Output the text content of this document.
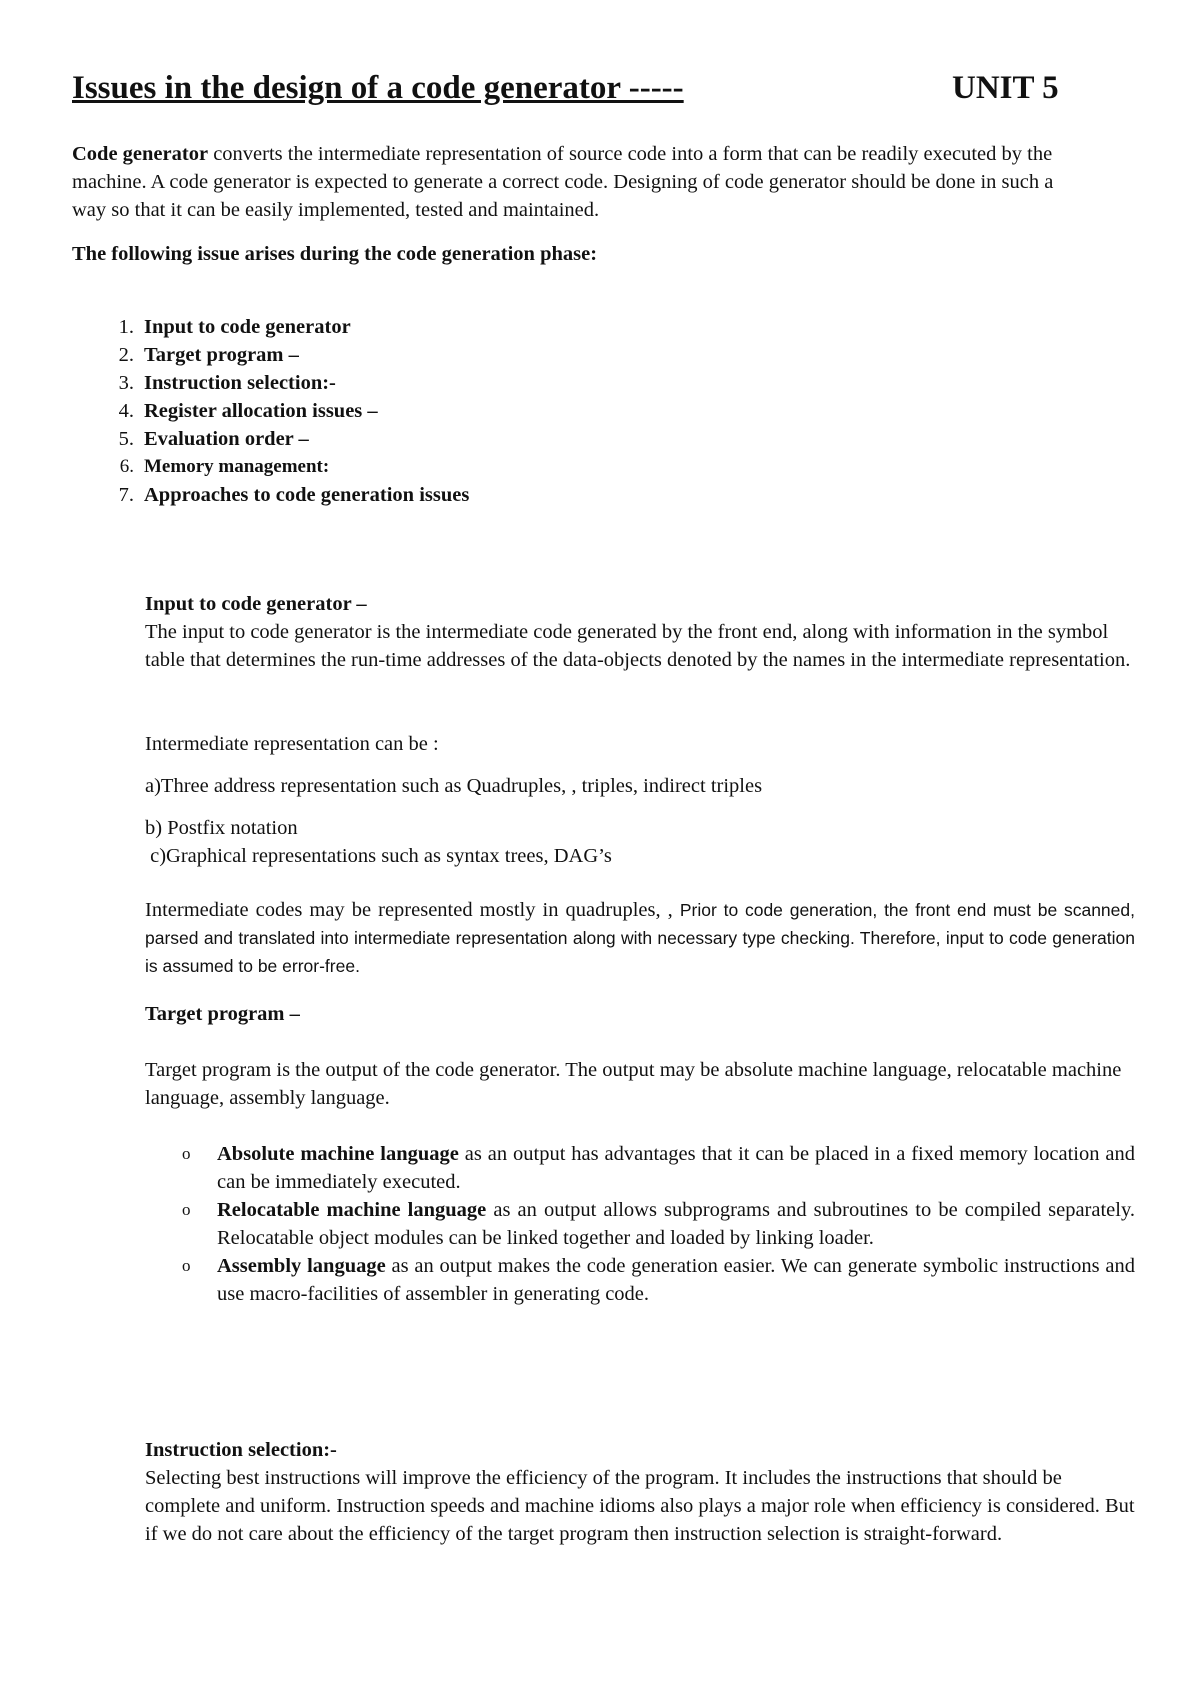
Issues in the design of a code generator -----	UNIT 5
Code generator converts the intermediate representation of source code into a form that can be readily executed by the machine. A code generator is expected to generate a correct code. Designing of code generator should be done in such a way so that it can be easily implemented, tested and maintained.
The following issue arises during the code generation phase:
1. Input to code generator
2. Target program –
3. Instruction selection:-
4. Register allocation issues –
5. Evaluation order –
6. Memory management:
7. Approaches to code generation issues
Input to code generator –
The input to code generator is the intermediate code generated by the front end, along with information in the symbol table that determines the run-time addresses of the data-objects denoted by the names in the intermediate representation.
Intermediate representation can be :
a)Three address representation such as Quadruples, , triples, indirect triples
b) Postfix notation
c)Graphical representations such as syntax trees, DAG’s
Intermediate codes may be represented mostly in quadruples, , Prior to code generation, the front end must be scanned, parsed and translated into intermediate representation along with necessary type checking. Therefore, input to code generation is assumed to be error-free.
Target program –
Target program is the output of the code generator. The output may be absolute machine language, relocatable machine language, assembly language.
o Absolute machine language as an output has advantages that it can be placed in a fixed memory location and can be immediately executed.
o Relocatable machine language as an output allows subprograms and subroutines to be compiled separately. Relocatable object modules can be linked together and loaded by linking loader.
o Assembly language as an output makes the code generation easier. We can generate symbolic instructions and use macro-facilities of assembler in generating code.
Instruction selection:-
Selecting best instructions will improve the efficiency of the program. It includes the instructions that should be complete and uniform. Instruction speeds and machine idioms also plays a major role when efficiency is considered. But if we do not care about the efficiency of the target program then instruction selection is straight-forward.
